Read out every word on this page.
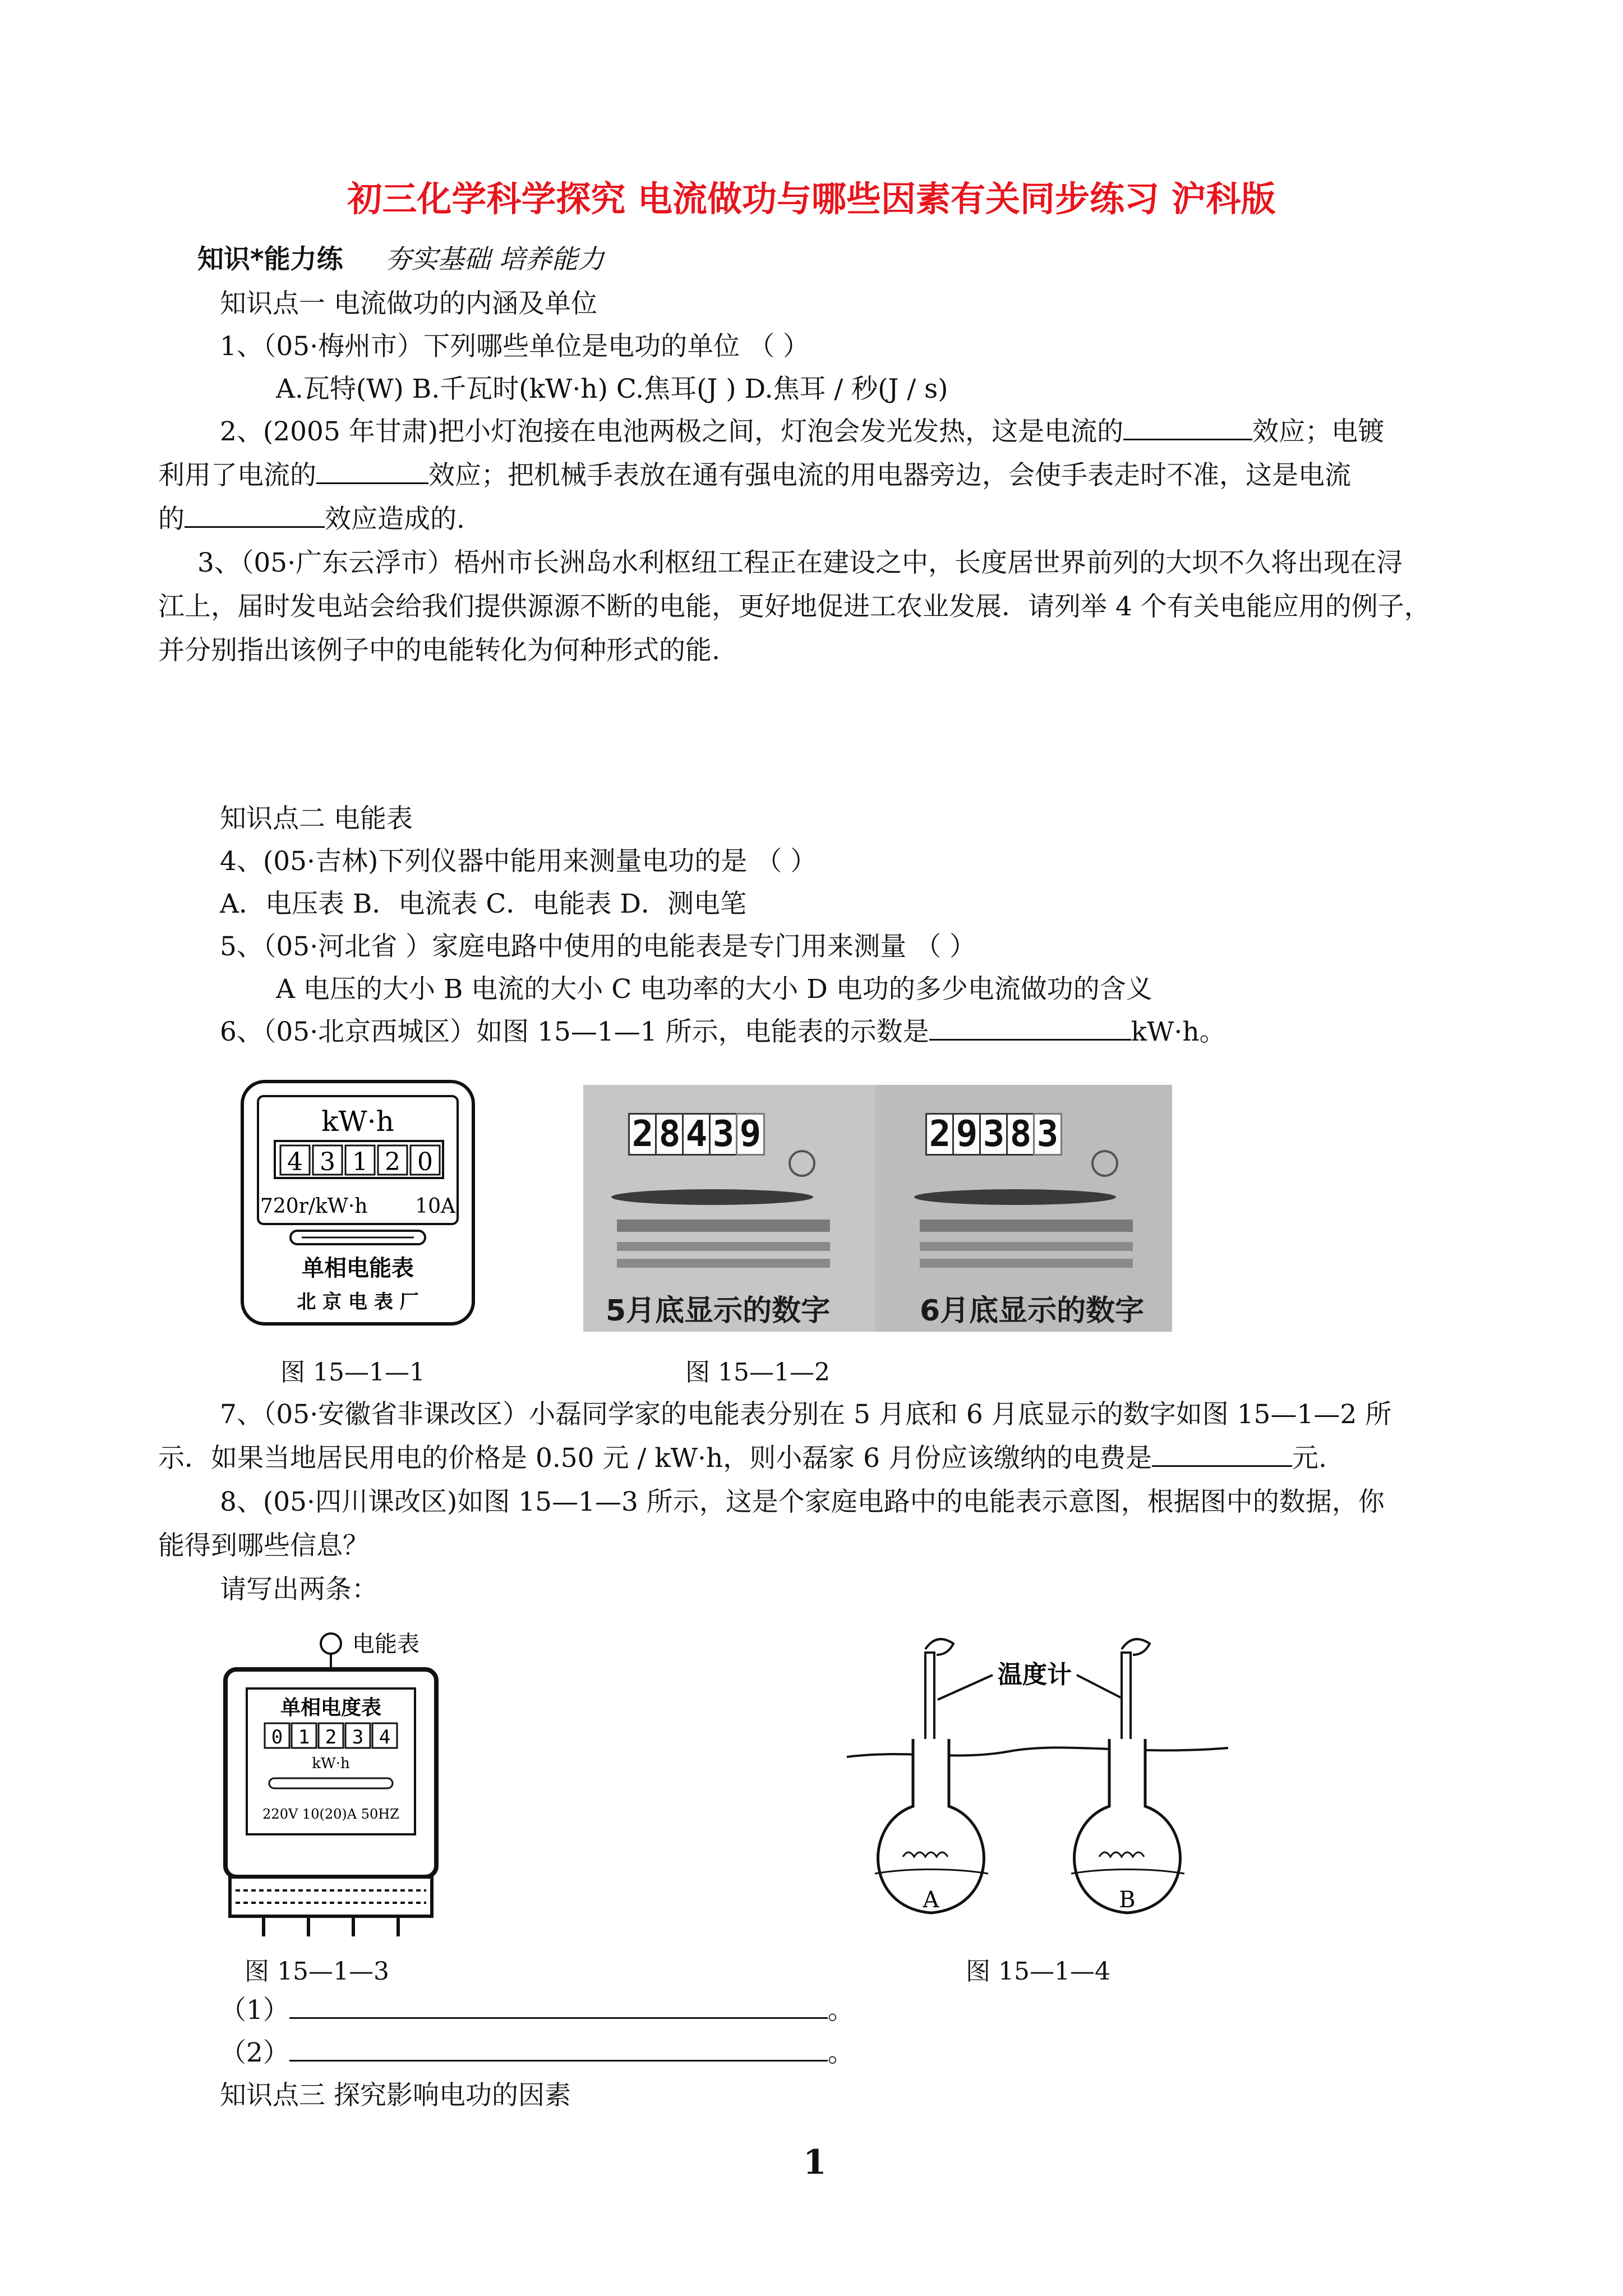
初三化学科学探究 电流做功与哪些因素有关同步练习 沪科版
知识*能力练 夯实基础 培养能力
知识点一 电流做功的内涵及单位
1、（05·梅州市）下列哪些单位是电功的单位 （ ）
A.瓦特(W) B.千瓦时(kW·h) C.焦耳(J ) D.焦耳 / 秒(J / s)
2、(2005 年甘肃)把小灯泡接在电池两极之间，灯泡会发光发热，这是电流的	效应；电镀
利用了电流的	效应；把机械手表放在通有强电流的用电器旁边，会使手表走时不准，这是电流
的	效应造成的.
3、（05·广东云浮市）梧州市长洲岛水利枢纽工程正在建设之中，长度居世界前列的大坝不久将出现在浔
江上，届时发电站会给我们提供源源不断的电能，更好地促进工农业发展．请列举 4 个有关电能应用的例子，
并分别指出该例子中的电能转化为何种形式的能.
知识点二 电能表
4、(05·吉林)下列仪器中能用来测量电功的是 （ ）
A．电压表 B．电流表 C．电能表 D．测电笔
5、（05·河北省 ）家庭电路中使用的电能表是专门用来测量 （ ）
A 电压的大小 B 电流的大小 C 电功率的大小 D 电功的多少电流做功的含义
6、（05·北京西城区）如图 15—1—1 所示，电能表的示数是	kW·h。
kW·h
4 3 1 2 0
720r/kW·h 10A
单相电能表
北 京 电 表 厂
2 8 4 3 9	2 9 3 8 3
5月底显示的数字	6月底显示的数字
图 15—1—1	图 15—1—2
7、（05·安徽省非课改区）小磊同学家的电能表分别在 5 月底和 6 月底显示的数字如图 15—1—2 所
示．如果当地居民用电的价格是 0.50 元 / kW·h，则小磊家 6 月份应该缴纳的电费是	元.
8、(05·四川课改区)如图 15—1—3 所示，这是个家庭电路中的电能表示意图，根据图中的数据，你
能得到哪些信息？
请写出两条：
电能表
单相电度表
0 1 2 3 4
kW·h
220V 10(20)A 50HZ
温度计
A	B
图 15—1—3	图 15—1—4
（1）	。
（2）	。
知识点三 探究影响电功的因素
1
